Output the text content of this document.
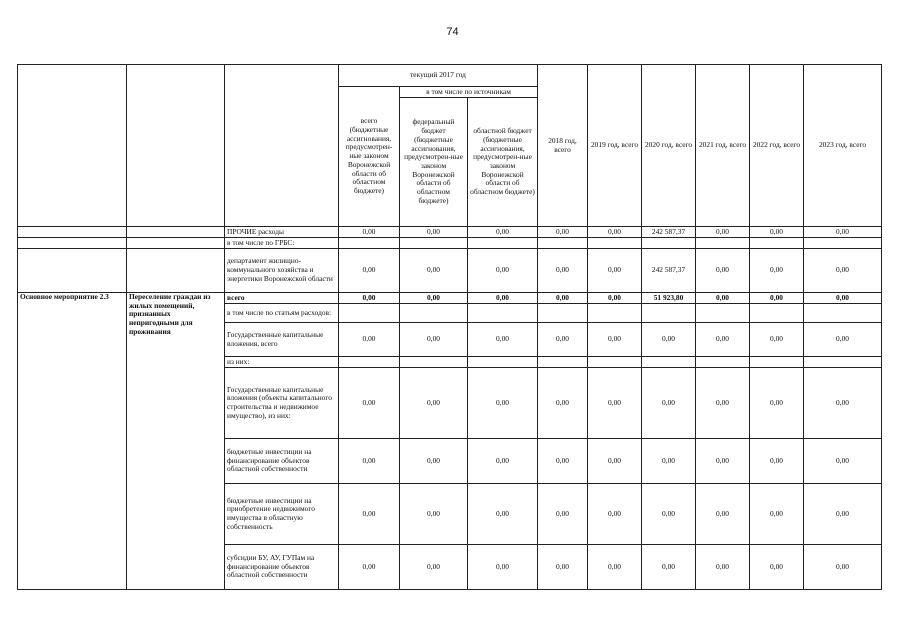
74
			текущий 2017 год			2018 год, всего	2019 год, всего	2020 год, всего	2021 год, всего	2022 год, всего	2023 год, всего
			всего (бюджетные ассигнования, предусмотрен-ные законом Воронежской области об областном бюджете)	в том числе по источникам							
				федеральный бюджет (бюджетные ассигнования, предусмотрен-ные законом Воронежской области об областном бюджете)	областной бюджет (бюджетные ассигнования, предусмотрен-ные законом Воронежской области об областном бюджете)						
		ПРОЧИЕ расходы	0,00	0,00	0,00	0,00	0,00	242 587,37	0,00	0,00	0,00
		в том числе по ГРБС:									
		департамент жилищно-коммунального хозяйства и энергетики Воронежской области	0,00	0,00	0,00	0,00	0,00	242 587,37	0,00	0,00	0,00
Основное мероприятие 2.3	Переселение граждан из жилых помещений, признанных непригодными для проживания	всего	0,00	0,00	0,00	0,00	0,00	51 923,80	0,00	0,00	0,00
		в том числе по статьям расходов:									
		Государственные капитальные вложения, всего	0,00	0,00	0,00	0,00	0,00	0,00	0,00	0,00	0,00
		из них:									
		Государственные капитальные вложения (объекты капитального строительства и недвижимое имущество), из них:	0,00	0,00	0,00	0,00	0,00	0,00	0,00	0,00	0,00
		бюджетные инвестиции на финансирование объектов областной собственности	0,00	0,00	0,00	0,00	0,00	0,00	0,00	0,00	0,00
		бюджетные инвестиции на приобретение недвижимого имущества в областную собственность	0,00	0,00	0,00	0,00	0,00	0,00	0,00	0,00	0,00
		субсидии БУ, АУ, ГУПам на финансирование объектов областной собственности	0,00	0,00	0,00	0,00	0,00	0,00	0,00	0,00	0,00
